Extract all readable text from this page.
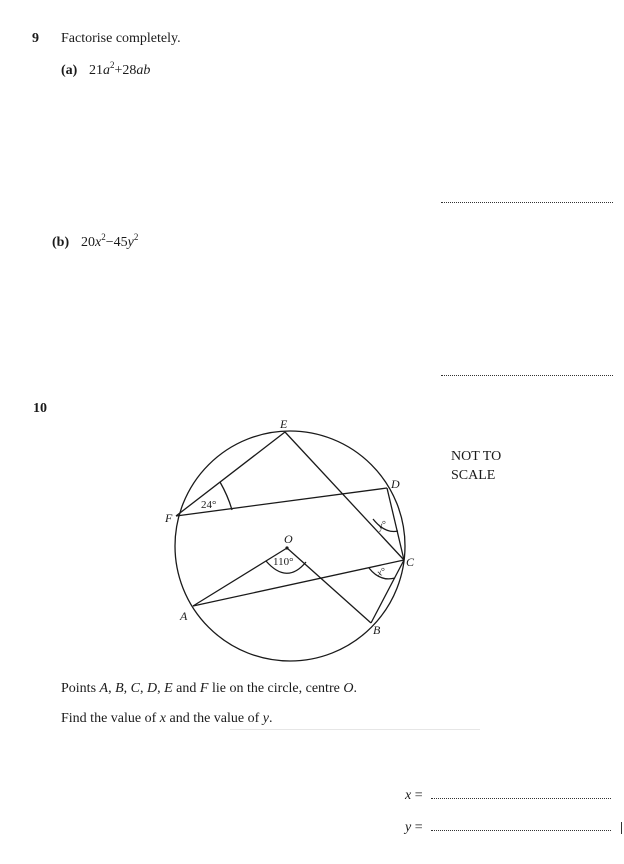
9 Factorise completely.
(a) $21a^2+28ab$
(b) $20x^2-45y^2$
10
NOT TO
SCALE
E
D
F
O
C
A
B
24°
110°
y°
x°
Points A, B, C, D, E and F lie on the circle, centre O.
Find the value of x and the value of y.
x =
y =
